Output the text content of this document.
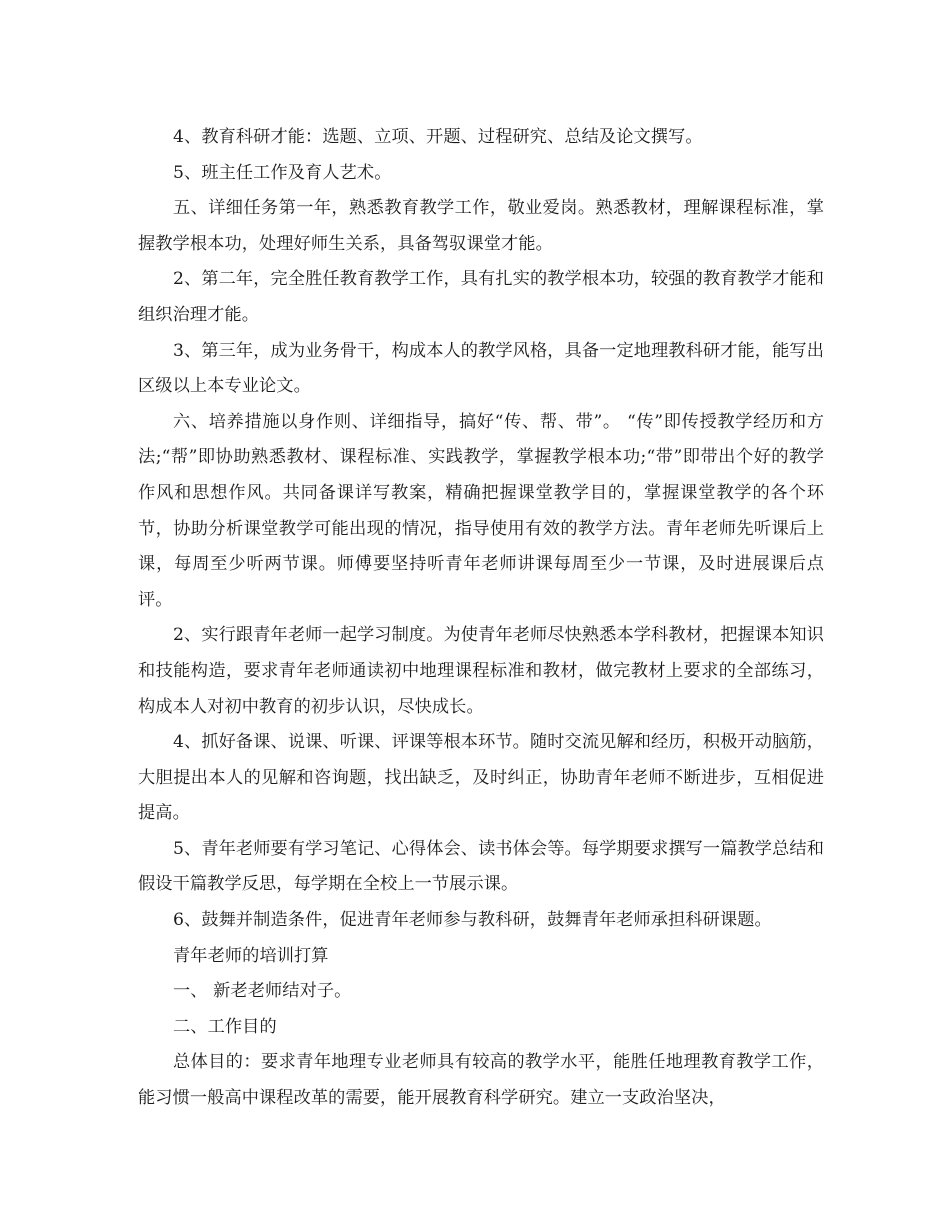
4、教育科研才能：选题、立项、开题、过程研究、总结及论文撰写。

5、班主任工作及育人艺术。

五、详细任务第一年，熟悉教育教学工作，敬业爱岗。熟悉教材，理解课程标准，掌握教学根本功，处理好师生关系，具备驾驭课堂才能。

2、第二年，完全胜任教育教学工作，具有扎实的教学根本功，较强的教育教学才能和组织治理才能。

3、第三年，成为业务骨干，构成本人的教学风格，具备一定地理教科研才能，能写出区级以上本专业论文。

六、培养措施以身作则、详细指导，搞好“传、帮、带”。 “传”即传授教学经历和方法;“帮”即协助熟悉教材、课程标准、实践教学，掌握教学根本功;“带”即带出个好的教学作风和思想作风。共同备课详写教案，精确把握课堂教学目的，掌握课堂教学的各个环节，协助分析课堂教学可能出现的情况，指导使用有效的教学方法。青年老师先听课后上课，每周至少听两节课。师傅要坚持听青年老师讲课每周至少一节课，及时进展课后点评。

2、实行跟青年老师一起学习制度。为使青年老师尽快熟悉本学科教材，把握课本知识和技能构造，要求青年老师通读初中地理课程标准和教材，做完教材上要求的全部练习，构成本人对初中教育的初步认识，尽快成长。

4、抓好备课、说课、听课、评课等根本环节。随时交流见解和经历，积极开动脑筋，大胆提出本人的见解和咨询题，找出缺乏，及时纠正，协助青年老师不断进步，互相促进提高。

5、青年老师要有学习笔记、心得体会、读书体会等。每学期要求撰写一篇教学总结和假设干篇教学反思，每学期在全校上一节展示课。

6、鼓舞并制造条件，促进青年老师参与教科研，鼓舞青年老师承担科研课题。

青年老师的培训打算

一、 新老老师结对子。

二、工作目的

总体目的：要求青年地理专业老师具有较高的教学水平，能胜任地理教育教学工作，能习惯一般高中课程改革的需要，能开展教育科学研究。建立一支政治坚决，
